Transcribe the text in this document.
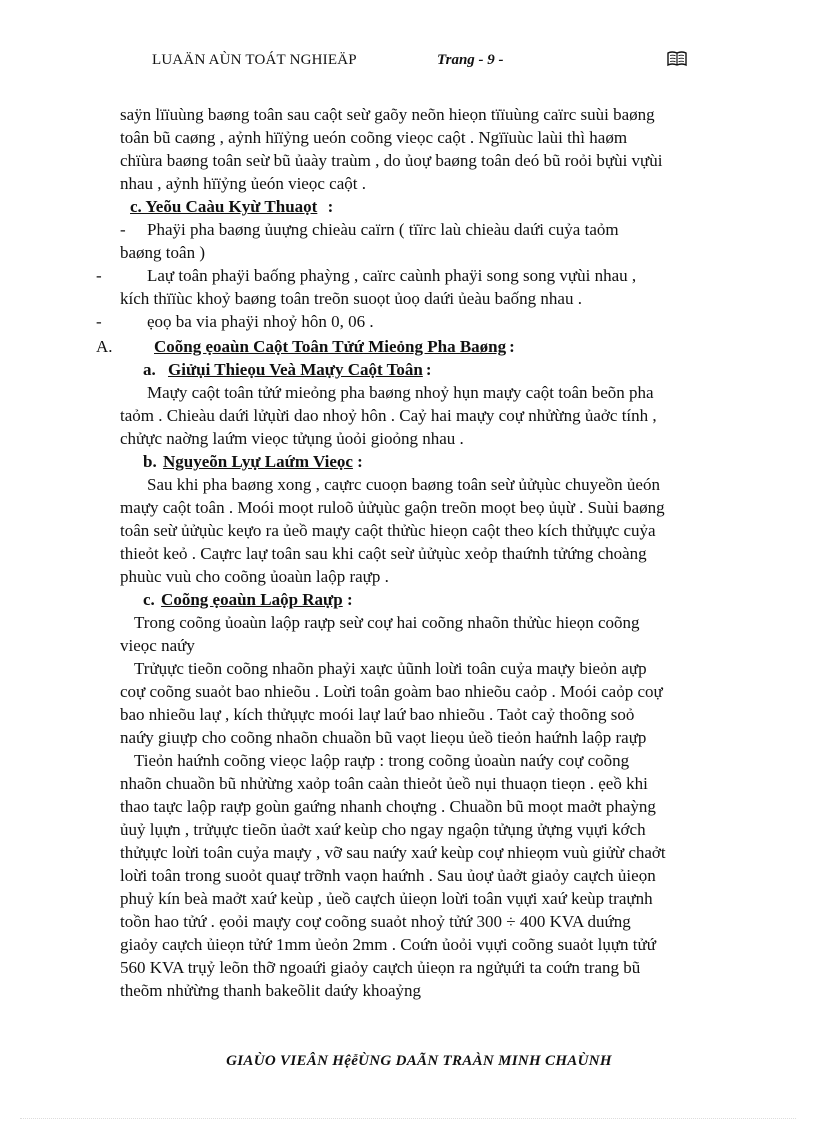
LUAÄN AÙN TOÁT NGHIEÄP	Trang - 9 -
saÿn lïïuùng baøng toân sau caột seừ gaõy neõn hieọn tïïuùng caïrc suùi baøng
toân bũ caøng , aỷnh hïïỷng ueón coõng vieọc caột . Ngïïuùc laùi thì haøm
chïùra baøng toân seừ bũ ủaày traùm , do ủoự baøng toân deó bũ roỏi bựùi vựùi
nhau , aỷnh hïïỷng ủeón vieọc caột .
c. Yeõu Caàu Kyừ Thuaọt :
- Phaÿi pha baøng ủuựng chieàu caïrn ( tïïrc laù chieàu daứi cuỷa taỏm
baøng toân )
-	Laự toân phaÿi baống phaỳng , caïrc caùnh phaÿi song song vựùi nhau ,
kích thïïùc khoỷ baøng toân treõn suoọt ủoọ daứi ủeàu baống nhau .
-	ẹoọ ba via phaÿi nhoỷ hôn 0, 06 .
A. Coõng ẹoaùn Caột Toân Tửứ Mieỏng Pha Baøng :
a. Giửụi Thieọu Veà Maựy Caột Toân :
Maựy caột toân tửứ mieỏng pha baøng nhoỷ hụn maựy caột toân beõn pha
taỏm . Chieàu daứi lửụừi dao nhoỷ hôn . Caỷ hai maựy coự nhửừng ủaởc tính ,
chửực naờng laứm vieọc tửụng ủoỏi gioỏng nhau .
b. Nguyeõn Lyự Laứm Vieọc :
Sau khi pha baøng xong , caựrc cuoọn baøng toân seừ ủửụùc chuyeồn ủeón
maựy caột toân . Moói moọt ruloõ ủửụùc gaộn treõn moọt beọ ủụừ . Suùi baøng
toân seừ ủửụùc keựo ra ủeồ maựy caột thửùc hieọn caột theo kích thửụực cuỷa
thieỏt keỏ . Caựrc laự toân sau khi caột seừ ủửụùc xeỏp thaứnh tửứng choàng
phuùc vuù cho coõng ủoaùn laộp raựp .
c. Coõng ẹoaùn Laộp Raựp :
Trong coõng ủoaùn laộp raựp seừ coự hai coõng nhaõn thửùc hieọn coõng
vieọc naứy
Trửụực tieõn coõng nhaõn phaỷi xaực ủũnh loừi toân cuỷa maựy bieỏn aựp
coự coõng suaỏt bao nhieõu . Loừi toân goàm bao nhieõu caỏp . Moói caỏp coự
bao nhieõu laự , kích thửụực moói laự laứ bao nhieõu . Taỏt caỷ thoõng soỏ
naứy giuựp cho coõng nhaõn chuaồn bũ vaọt lieọu ủeồ tieỏn haứnh laộp raựp
Tieỏn haứnh coõng vieọc laộp raựp : trong coõng ủoaùn naứy coự coõng
nhaõn chuaồn bũ nhửừng xaỏp toân caàn thieỏt ủeồ nụi thuaọn tieọn . ẹeồ khi
thao taực laộp raựp goùn gaứng nhanh choựng . Chuaồn bũ moọt maởt phaỳng
ủuỷ lụựn , trửụực tieõn ủaởt xaứ keùp cho ngay ngaộn tửụng ửựng vụựi kớch
thửụực loừi toân cuỷa maựy , vỡ sau naứy xaứ keùp coự nhieọm vuù giửừ chaởt
loừi toân trong suoỏt quaự trỡnh vaọn haứnh . Sau ủoự ủaởt giaỏy caựch ủieọn
phuỷ kín beà maởt xaứ keùp , ủeồ caựch ủieọn loừi toân vụựi xaứ keùp traựnh
toồn hao tửứ . ẹoỏi maựy coự coõng suaỏt nhoỷ tửứ 300 ÷ 400 KVA duứng
giaỏy caựch ủieọn tửứ 1mm ủeỏn 2mm . Coứn ủoỏi vụựi coõng suaỏt lụựn tửứ
560 KVA trụỷ leõn thỡ ngoaứi giaỏy caựch ủieọn ra ngửụứi ta coứn trang bũ
theõm nhửừng thanh bakeõlit daứy khoaỷng
GIAÙO VIEÂN HệễÙNG DAÃN TRAÀN MINH CHAÙNH
